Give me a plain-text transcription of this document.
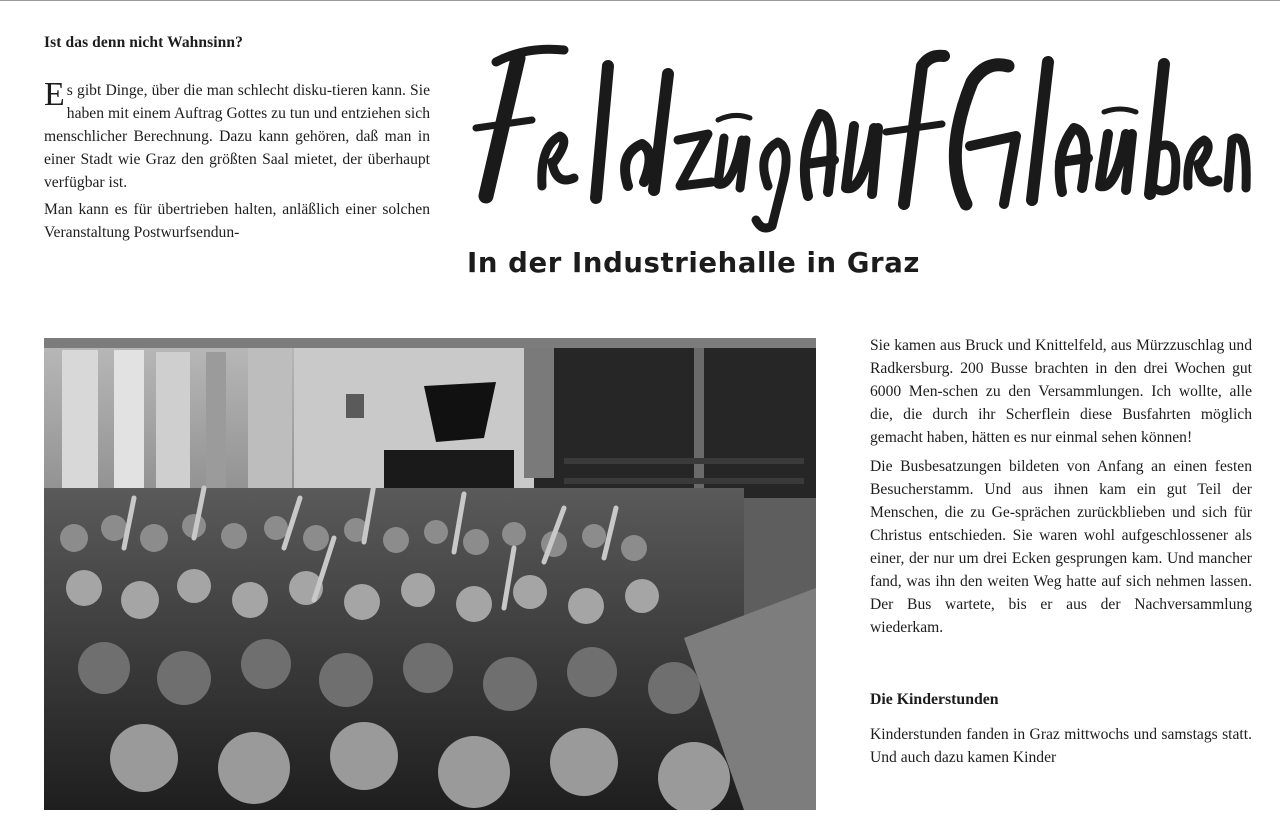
Ist das denn nicht Wahnsinn?

Es gibt Dinge, über die man schlecht disku-tieren kann. Sie haben mit einem Auftrag Gottes zu tun und entziehen sich menschlicher Berechnung. Dazu kann gehören, daß man in einer Stadt wie Graz den größten Saal mietet, der überhaupt verfügbar ist.

Man kann es für übertrieben halten, anläßlich einer solchen Veranstaltung Postwurfsendun-

In der Industriehalle in Graz

Sie kamen aus Bruck und Knittelfeld, aus Mürzzuschlag und Radkersburg. 200 Busse brachten in den drei Wochen gut 6000 Men-schen zu den Versammlungen. Ich wollte, alle die, die durch ihr Scherflein diese Busfahrten möglich gemacht haben, hätten es nur einmal sehen können!

Die Busbesatzungen bildeten von Anfang an einen festen Besucherstamm. Und aus ihnen kam ein gut Teil der Menschen, die zu Ge-sprächen zurückblieben und sich für Christus entschieden. Sie waren wohl aufgeschlossener als einer, der nur um drei Ecken gesprungen kam. Und mancher fand, was ihn den weiten Weg hatte auf sich nehmen lassen. Der Bus wartete, bis er aus der Nachversammlung wiederkam.

Die Kinderstunden

Kinderstunden fanden in Graz mittwochs und samstags statt. Und auch dazu kamen Kinder
